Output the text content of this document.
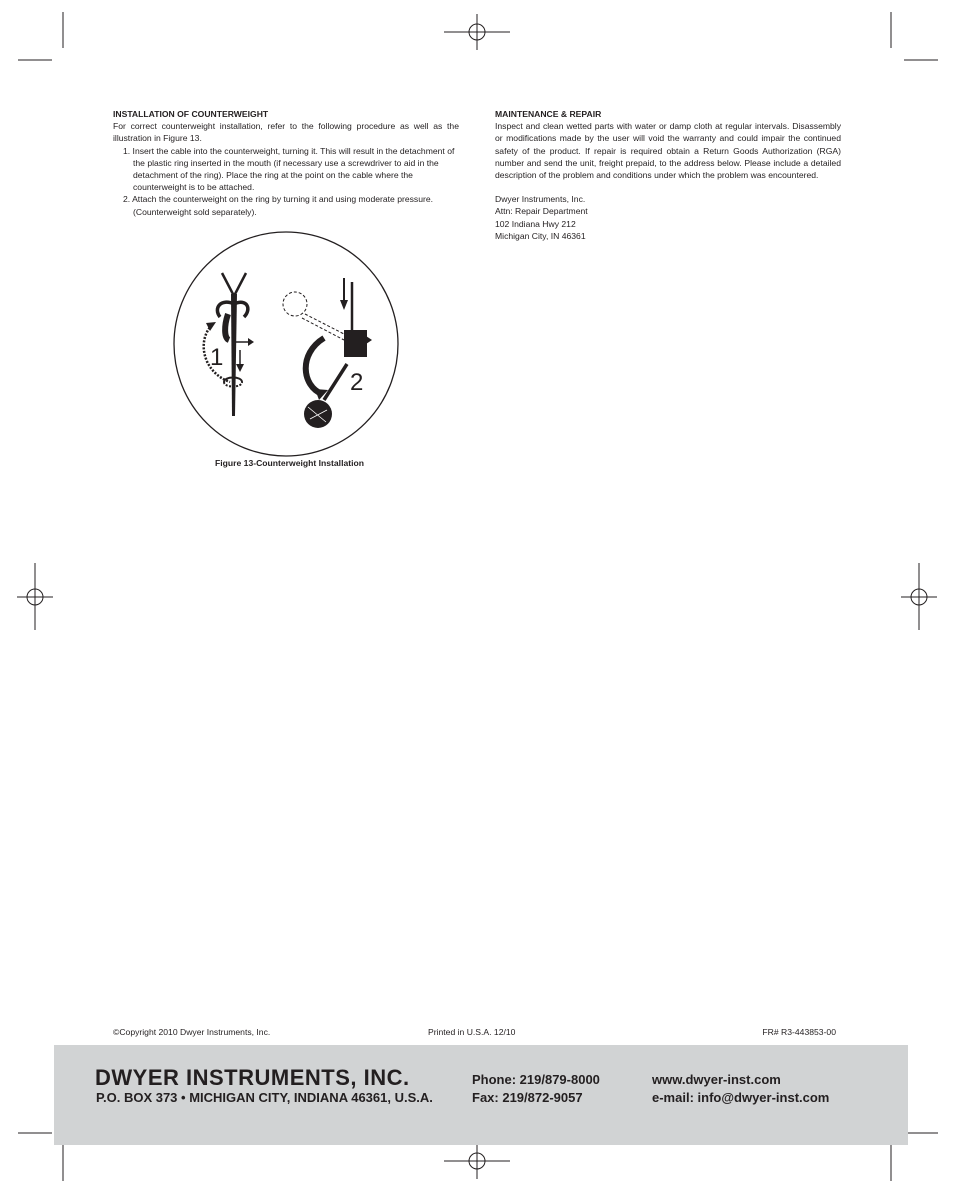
INSTALLATION OF COUNTERWEIGHT

For correct counterweight installation, refer to the following procedure as well as the illustration in Figure 13.

1. Insert the cable into the counterweight, turning it. This will result in the detachment of the plastic ring inserted in the mouth (if necessary use a screwdriver to aid in the detachment of the ring). Place the ring at the point on the cable where the counterweight is to be attached.

2. Attach the counterweight on the ring by turning it and using moderate pressure. (Counterweight sold separately).

1
2
Figure 13-Counterweight Installation

MAINTENANCE & REPAIR

Inspect and clean wetted parts with water or damp cloth at regular intervals. Disassembly or modifications made by the user will void the warranty and could impair the continued safety of the product. If repair is required obtain a Return Goods Authorization (RGA) number and send the unit, freight prepaid, to the address below. Please include a detailed description of the problem and conditions under which the problem was encountered.

Dwyer Instruments, Inc.
Attn: Repair Department
102 Indiana Hwy 212
Michigan City, IN 46361
©Copyright 2010 Dwyer Instruments, Inc.	Printed in U.S.A. 12/10	FR# R3-443853-00
DWYER INSTRUMENTS, INC.
P.O. BOX 373 • MICHIGAN CITY, INDIANA 46361, U.S.A.
Phone: 219/879-8000
Fax: 219/872-9057
www.dwyer-inst.com
e-mail: info@dwyer-inst.com
